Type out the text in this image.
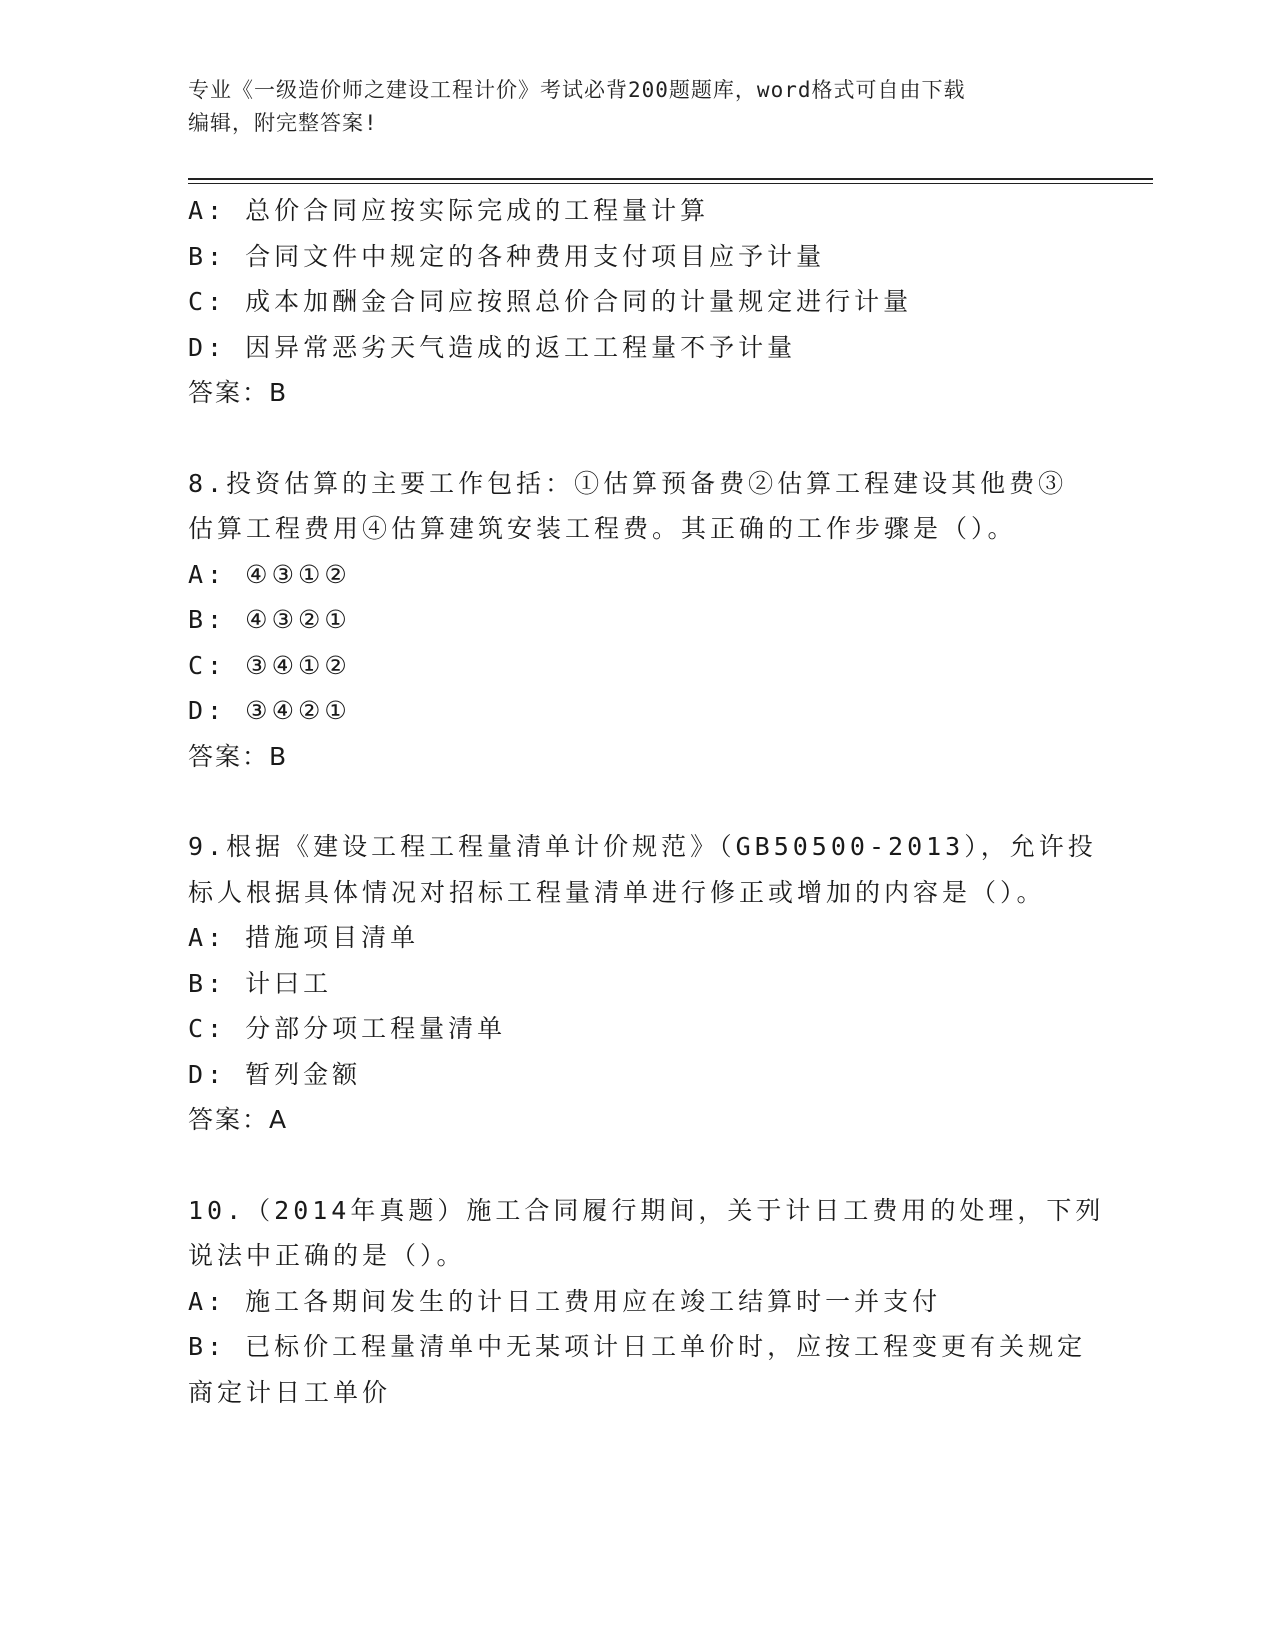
专业《一级造价师之建设工程计价》考试必背200题题库，word格式可自由下载
编辑，附完整答案!
A: 总价合同应按实际完成的工程量计算
B: 合同文件中规定的各种费用支付项目应予计量
C: 成本加酬金合同应按照总价合同的计量规定进行计量
D: 因异常恶劣天气造成的返工工程量不予计量
答案：B
8.投资估算的主要工作包括：①估算预备费②估算工程建设其他费③
估算工程费用④估算建筑安装工程费。其正确的工作步骤是（）。
A: ④③①②
B: ④③②①
C: ③④①②
D: ③④②①
答案：B
9.根据《建设工程工程量清单计价规范》（GB50500-2013），允许投
标人根据具体情况对招标工程量清单进行修正或增加的内容是（）。
A: 措施项目清单
B: 计曰工
C: 分部分项工程量清单
D: 暂列金额
答案：A
10.（2014年真题）施工合同履行期间，关于计日工费用的处理，下列
说法中正确的是（）。
A: 施工各期间发生的计日工费用应在竣工结算时一并支付
B: 已标价工程量清单中无某项计日工单价时，应按工程变更有关规定
商定计日工单价
